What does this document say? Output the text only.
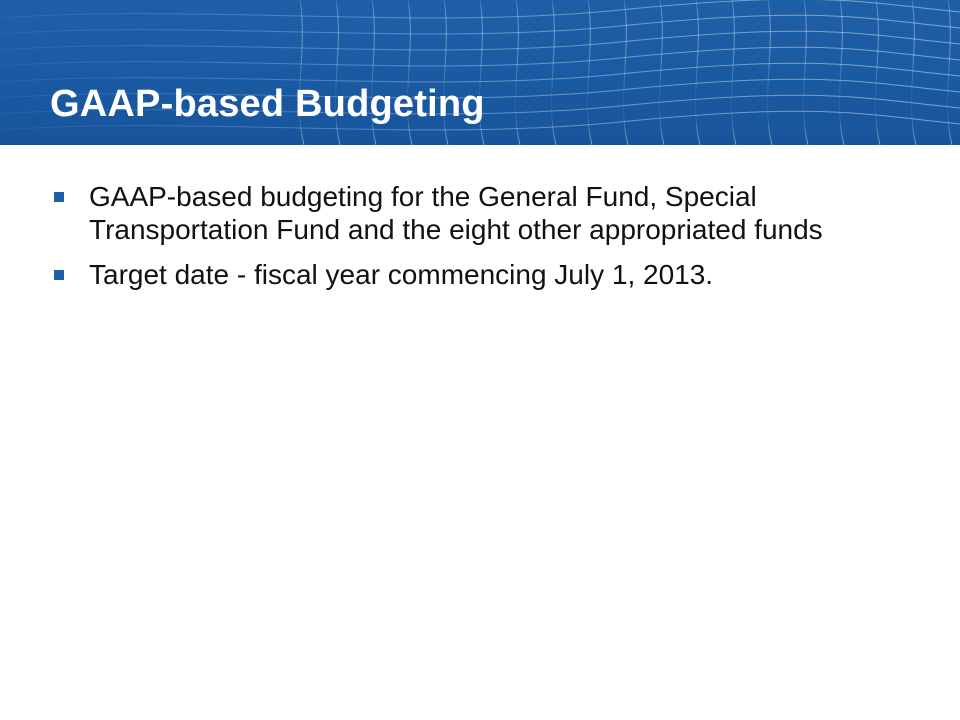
GAAP-based Budgeting
GAAP-based budgeting for the General Fund, Special Transportation Fund and the eight other appropriated funds
Target date - fiscal year commencing July 1, 2013.
